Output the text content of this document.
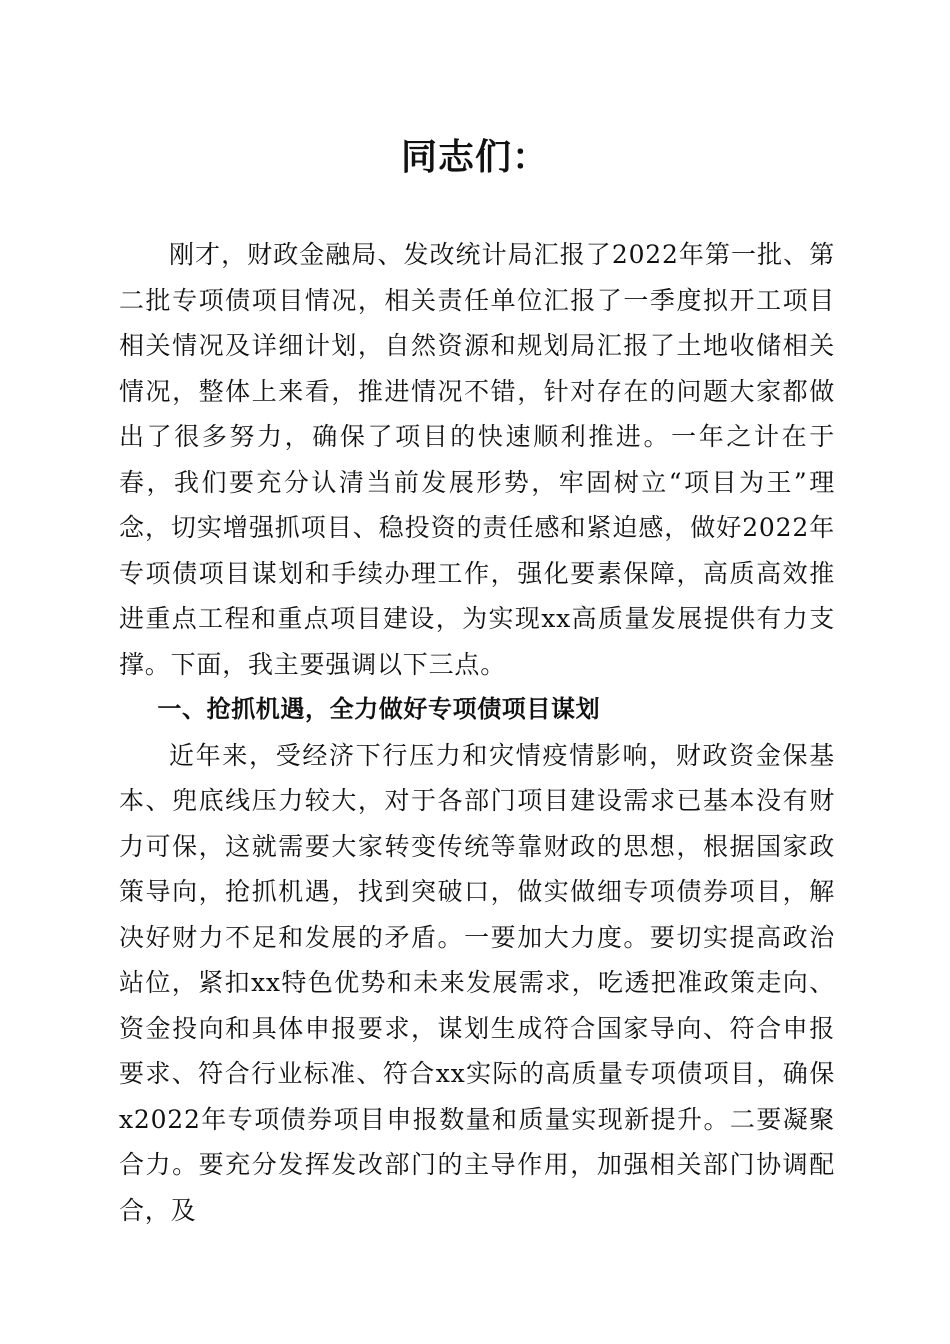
同志们：

刚才，财政金融局、发改统计局汇报了2022年第一批、第二批专项债项目情况，相关责任单位汇报了一季度拟开工项目相关情况及详细计划，自然资源和规划局汇报了土地收储相关情况，整体上来看，推进情况不错，针对存在的问题大家都做出了很多努力，确保了项目的快速顺利推进。一年之计在于春，我们要充分认清当前发展形势，牢固树立“项目为王”理念，切实增强抓项目、稳投资的责任感和紧迫感，做好2022年专项债项目谋划和手续办理工作，强化要素保障，高质高效推进重点工程和重点项目建设，为实现xx高质量发展提供有力支撑。下面，我主要强调以下三点。

一、抢抓机遇，全力做好专项债项目谋划

近年来，受经济下行压力和灾情疫情影响，财政资金保基本、兜底线压力较大，对于各部门项目建设需求已基本没有财力可保，这就需要大家转变传统等靠财政的思想，根据国家政策导向，抢抓机遇，找到突破口，做实做细专项债券项目，解决好财力不足和发展的矛盾。一要加大力度。要切实提高政治站位，紧扣xx特色优势和未来发展需求，吃透把准政策走向、资金投向和具体申报要求，谋划生成符合国家导向、符合申报要求、符合行业标准、符合xx实际的高质量专项债项目，确保x2022年专项债券项目申报数量和质量实现新提升。二要凝聚合力。要充分发挥发改部门的主导作用，加强相关部门协调配合，及
